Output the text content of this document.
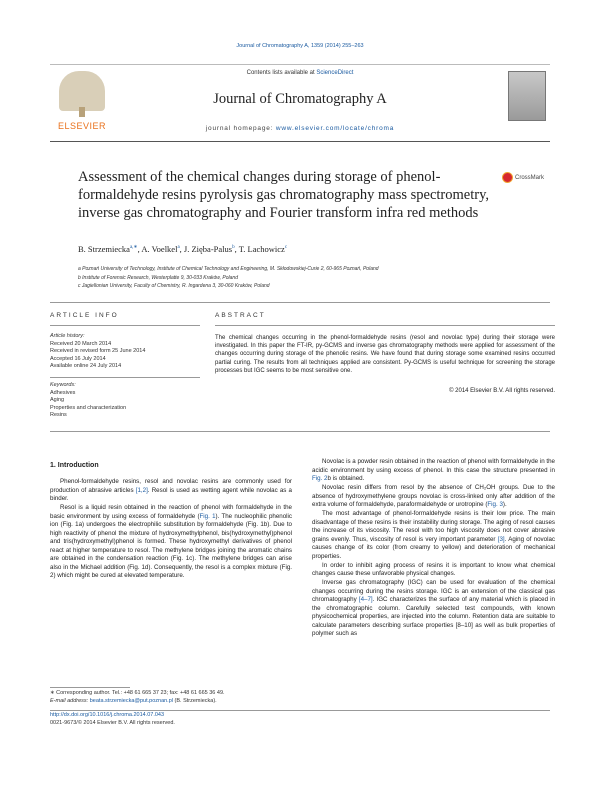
Journal of Chromatography A, 1359 (2014) 255–263
ELSEVIER
Contents lists available at ScienceDirect
Journal of Chromatography A
journal homepage: www.elsevier.com/locate/chroma
Assessment of the chemical changes during storage of phenol-formaldehyde resins pyrolysis gas chromatography mass spectrometry, inverse gas chromatography and Fourier transform infra red methods
CrossMark
B. Strzemiecka$^{a,∗}$, A. Voelkel$^a$, J. Zięba-Palus$^b$, T. Lachowicz$^c$
a Poznań University of Technology, Institute of Chemical Technology and Engineering, M. Skłodowskiej-Curie 2, 60-965 Poznań, Poland
b Institute of Forensic Research, Westerplatte 9, 30-033 Kraków, Poland
c Jagiellonian University, Faculty of Chemistry, R. Ingardena 3, 30-060 Kraków, Poland
ARTICLE INFO	ABSTRACT
Article history:
Received 20 March 2014
Received in revised form 25 June 2014
Accepted 16 July 2014
Available online 24 July 2014
Keywords:
Adhesives
Aging
Properties and characterization
Resins
The chemical changes occurring in the phenol-formaldehyde resins (resol and novolac type) during their storage were investigated. In this paper the FT-IR, py-GCMS and inverse gas chromatography methods were applied for assessment of the changes occurring during storage of the phenolic resins. We have found that during storage some examined resins occurred partial curing. The results from all techniques applied are consistent. Py-GCMS is useful technique for screening the storage processes but IGC seems to be most sensitive one.
© 2014 Elsevier B.V. All rights reserved.
1. Introduction

Phenol-formaldehyde resins, resol and novolac resins are commonly used for production of abrasive articles [1,2]. Resol is used as wetting agent while novolac as a binder.

Resol is a liquid resin obtained in the reaction of phenol with formaldehyde in the basic environment by using excess of formaldehyde (Fig. 1). The nucleophilic phenolic ion (Fig. 1a) undergoes the electrophilic substitution by formaldehyde (Fig. 1b). Due to high reactivity of phenol the mixture of hydroxymethylphenol, bis(hydroxymethyl)phenol and tris(hydroxymethyl)phenol is formed. These hydroxymethyl derivatives of phenol react at higher temperature to resol. The methylene bridges joining the aromatic chains are obtained in the condensation reaction (Fig. 1c). The methylene bridges can arise also in the Michael addition (Fig. 1d). Consequently, the resol is a complex mixture (Fig. 2) which might be cured at elevated temperature.

Novolac is a powder resin obtained in the reaction of phenol with formaldehyde in the acidic environment by using excess of phenol. In this case the structure presented in Fig. 2b is obtained.

Novolac resin differs from resol by the absence of CH₂OH groups. Due to the absence of hydroxymethylene groups novolac is cross-linked only after addition of the extra volume of formaldehyde, paraformaldehyde or urotropine (Fig. 3).

The most advantage of phenol-formaldehyde resins is their low price. The main disadvantage of these resins is their instability during storage. The aging of resol causes the increase of its viscosity. The resol with too high viscosity does not cover abrasive grains evenly. Thus, viscosity of resol is very important parameter [3]. Aging of novolac causes change of its color (from creamy to yellow) and deterioration of mechanical properties.

In order to inhibit aging process of resins it is important to know what chemical changes cause these unfavorable physical changes.

Inverse gas chromatography (IGC) can be used for evaluation of the chemical changes occurring during the resins storage. IGC is an extension of the classical gas chromatography [4–7]. IGC characterizes the surface of any material which is placed in the chromatographic column. Carefully selected test compounds, with known physicochemical properties, are injected into the column. Retention data are suitable to calculate parameters describing surface properties [8–10] as well as bulk properties of polymer such as

∗ Corresponding author. Tel.: +48 61 665 37 23; fax: +48 61 665 36 49.
E-mail address: beata.strzemiecka@put.poznan.pl (B. Strzemiecka).
http://dx.doi.org/10.1016/j.chroma.2014.07.043
0021-9673/© 2014 Elsevier B.V. All rights reserved.
